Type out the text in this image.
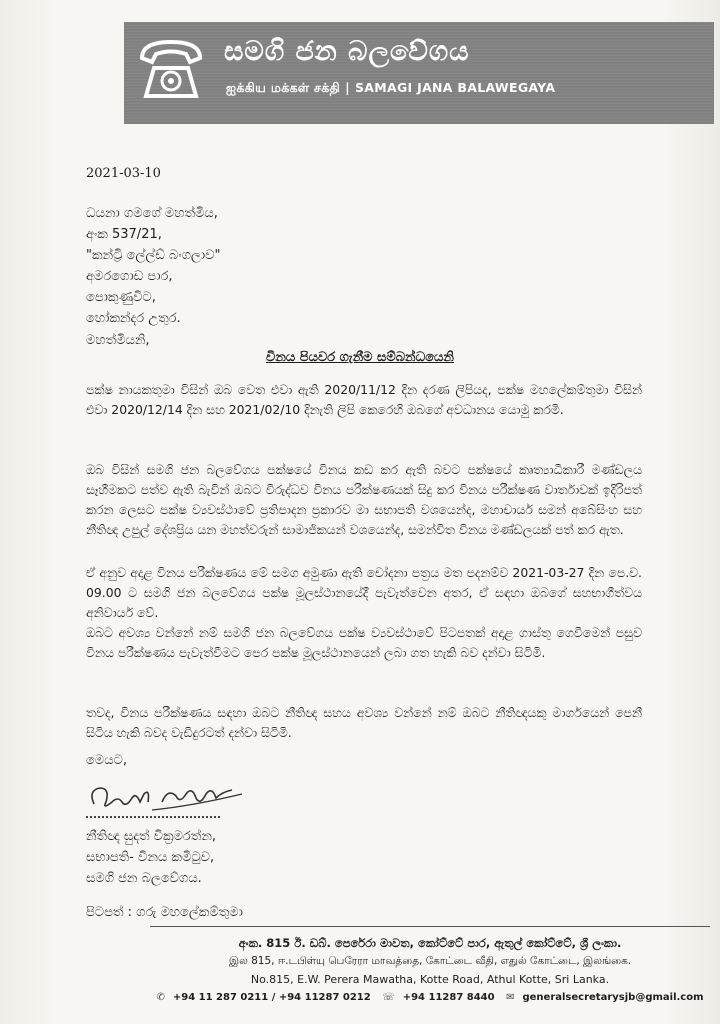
සමගි ජන බලවේගය
ஐக்கிய மக்கள் சக்தி | SAMAGI JANA BALAWEGAYA
2021-03-10
ධයනා ගමගේ මහත්මිය,
අංක 537/21,
"කන්ට්‍රි ලේල්ඩ් බංගලාව"
අමරගොඩ පාර,
පොකුණුවිට,
හෝකන්දර උතුර.
මහත්මියනි,
විනය පියවර ගැනීම සම්බන්ධයෙනි
පක්ෂ නායකතුමා විසින් ඔබ වෙත එවා ඇති 2020/11/12 දින දරණ ලිපියද, පක්ෂ මහලේකම්තුමා විසින් එවා 2020/12/14 දින සහ 2021/02/10 දිනැති ලිපි කෙරෙහි ඔබගේ අවධානය යොමු කරමි.
ඔබ විසින් සමගි ජන බලවේගය පක්ෂයේ විනය කඩ කර ඇති බවට පක්ෂයේ කෘත්‍යාධිකාරී මණ්ඩලය සෑහීමකට පත්ව ඇති බැවින් ඔබට විරුද්ධව විනය පරීක්ෂණයක් සිදු කර විනය පරීක්ෂණ වාර්තාවක් ඉදිරිපත් කරන ලෙසට පක්ෂ ව්‍යවස්ථාවේ ප්‍රතිපාදන ප්‍රකාරව මා සභාපති වශයෙන්ද, මහාචාර්ය සමන් අබේසිංහ සහ නීතිඥ උපුල් දේශප්‍රිය යන මහත්වරුන් සාමාජිකයන් වශයෙන්ද, සමන්විත විනය මණ්ඩලයක් පත් කර ඇත.
ඒ අනුව අදාළ විනය පරීක්ෂණය මේ සමග අමුණා ඇති චෝදනා පත්‍රය මත පදනම්ව 2021-03-27 දින පෙ.ව. 09.00 ට සමගි ජන බලවේගය පක්ෂ මූලස්ථානයේදී පැවැත්වෙන අතර, ඒ සඳහා ඔබගේ සහභාගීත්වය අනිවාර්ය වේ.
ඔබට අවශ්‍ය වන්නේ නම් සමගි ජන බලවේගය පක්ෂ ව්‍යවස්ථාවේ පිටපතක් අදාළ ගාස්තු ගෙවීමෙන් පසුව විනය පරීක්ෂණය පැවැත්වීමට පෙර පක්ෂ මූලස්ථානයෙන් ලබා ගත හැකි බව දන්වා සිටිමි.
තවද, විනය පරීක්ෂණය සඳහා ඔබට නීතිඥ සහය අවශ්‍ය වන්නේ නම් ඔබට නීතිඥයකු මාර්ගයෙන් පෙනී සිටිය හැකි බවද වැඩිදුරටත් දන්වා සිටිමි.
මෙයට,
නීතිඥ සුදත් වික්‍රමරත්න,
සභාපති- විනය කමිටුව,
සමගි ජන බලවේගය.
පිටපත් : ගරු මහලේකම්තුමා
අංක. 815 ඊ. ඩබ්. පෙරේරා මාවත, කෝට්ටේ පාර, ඇතුල් කෝට්ටේ, ශ්‍රී ලංකා.
இல 815, ஈ.டபிள்யு பெரேரா மாவத்தை, கோட்டை வீதி, எதுல் கோட்டை, இலங்கை.
No.815, E.W. Perera Mawatha, Kotte Road, Athul Kotte, Sri Lanka.
✆ +94 11 287 0211 / +94 11287 0212 ☏ +94 11287 8440 ✉ generalsecretarysjb@gmail.com
